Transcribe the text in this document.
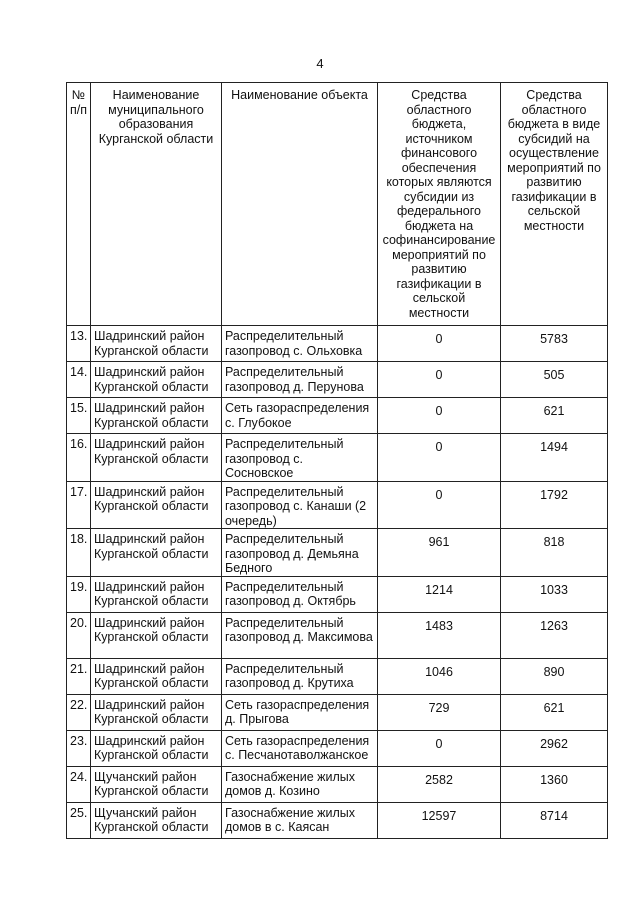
4
№ п/п	Наименование муниципального образования Курганской области	Наименование объекта	Средства областного бюджета, источником финансового обеспечения которых являются субсидии из федерального бюджета на софинансирование мероприятий по развитию газификации в сельской местности	Средства областного бюджета в виде субсидий на осуществление мероприятий по развитию газификации в сельской местности
13.	Шадринский район Курганской области	Распределительный газопровод с. Ольховка	0	5783
14.	Шадринский район Курганской области	Распределительный газопровод д. Перунова	0	505
15.	Шадринский район Курганской области	Сеть газораспределения с. Глубокое	0	621
16.	Шадринский район Курганской области	Распределительный газопровод с. Сосновское	0	1494
17.	Шадринский район Курганской области	Распределительный газопровод с. Канаши (2 очередь)	0	1792
18.	Шадринский район Курганской области	Распределительный газопровод д. Демьяна Бедного	961	818
19.	Шадринский район Курганской области	Распределительный газопровод д. Октябрь	1214	1033
20.	Шадринский район Курганской области	Распределительный газопровод д. Максимова	1483	1263
21.	Шадринский район Курганской области	Распределительный газопровод д. Крутиха	1046	890
22.	Шадринский район Курганской области	Сеть газораспределения д. Прыгова	729	621
23.	Шадринский район Курганской области	Сеть газораспределения с. Песчанотаволжанское	0	2962
24.	Щучанский район Курганской области	Газоснабжение жилых домов д. Козино	2582	1360
25.	Щучанский район Курганской области	Газоснабжение жилых домов в с. Каясан	12597	8714
